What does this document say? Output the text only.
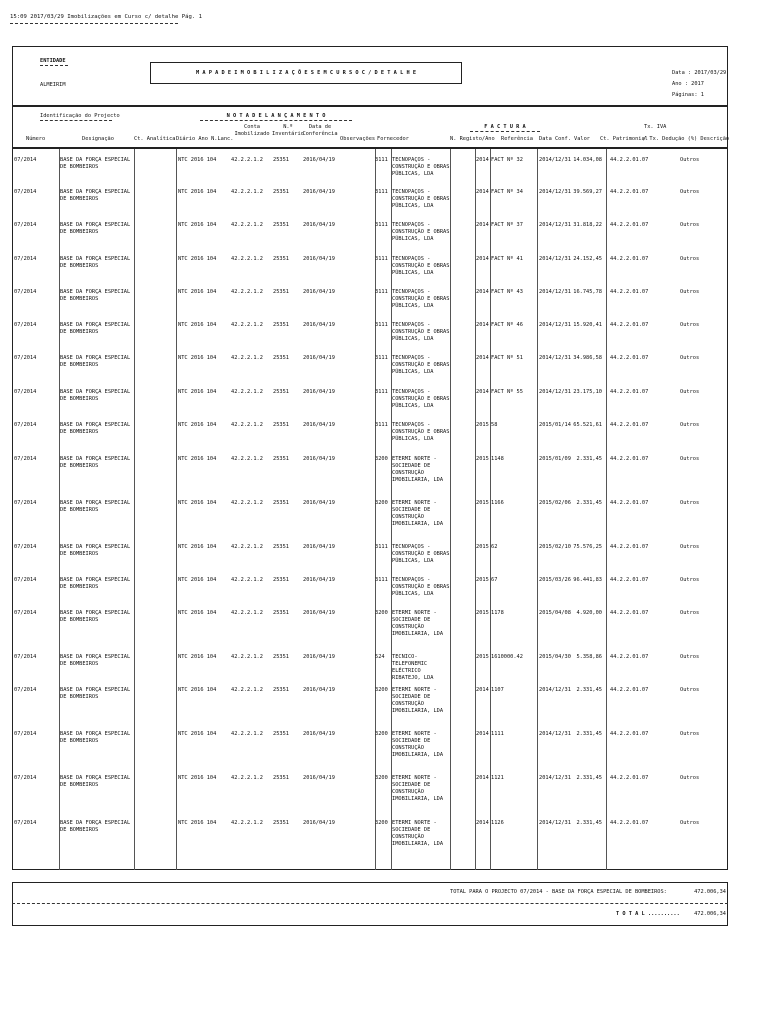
15:09 2017/03/29 Imobilizações em Curso c/ detalhe Pág. 1
ENTIDADE
ALMEIRIM
M A P A D E I M O B I L I Z A Ç Õ E S E M C U R S O C / D E T A L H E	Data : 2017/03/29
Ano : 2017
Páginas: 1
Identificação do Projecto
Número	Designação	Ct. Analítica
N O T A D E L A N Ç A M E N T O
Diário Ano N.Lanc.
Conta
Imobilizado
N.º
Inventário
Data de
Conferência
Observações Fornecedor
F A C T U R A
N. Registo/Ano Referência Data Conf. Valor Ct. Patrimonial
Tx. IVA
/ Tx. Dedução (%) Descrição
07/2014	BASE DA FORÇA ESPECIAL DE BOMBEIROS
NTC 2016 104	42.2.2.1.2	25351	2016/04/19	3111 TECNOPAÇOS - CONSTRUÇÃO E OBRAS PÚBLICAS, LDA
2014 FACT Nº 32	2014/12/31 14.034,08 44.2.2.01.07	Outros
07/2014	BASE DA FORÇA ESPECIAL DE BOMBEIROS
NTC 2016 104	42.2.2.1.2	25351	2016/04/19	3111 TECNOPAÇOS - CONSTRUÇÃO E OBRAS PÚBLICAS, LDA
2014 FACT Nº 34	2014/12/31 39.569,27 44.2.2.01.07	Outros
07/2014	BASE DA FORÇA ESPECIAL DE BOMBEIROS
NTC 2016 104	42.2.2.1.2	25351	2016/04/19	3111 TECNOPAÇOS - CONSTRUÇÃO E OBRAS PÚBLICAS, LDA
2014 FACT Nº 37	2014/12/31 31.818,22 44.2.2.01.07	Outros
07/2014	BASE DA FORÇA ESPECIAL DE BOMBEIROS
NTC 2016 104	42.2.2.1.2	25351	2016/04/19	3111 TECNOPAÇOS - CONSTRUÇÃO E OBRAS PÚBLICAS, LDA
2014 FACT Nº 41	2014/12/31 24.152,45 44.2.2.01.07	Outros
07/2014	BASE DA FORÇA ESPECIAL DE BOMBEIROS
NTC 2016 104	42.2.2.1.2	25351	2016/04/19	3111 TECNOPAÇOS - CONSTRUÇÃO E OBRAS PÚBLICAS, LDA
2014 FACT Nº 43	2014/12/31 16.745,78 44.2.2.01.07	Outros
07/2014	BASE DA FORÇA ESPECIAL DE BOMBEIROS
NTC 2016 104	42.2.2.1.2	25351	2016/04/19	3111 TECNOPAÇOS - CONSTRUÇÃO E OBRAS PÚBLICAS, LDA
2014 FACT Nº 46	2014/12/31 15.920,41 44.2.2.01.07	Outros
07/2014	BASE DA FORÇA ESPECIAL DE BOMBEIROS
NTC 2016 104	42.2.2.1.2	25351	2016/04/19	3111 TECNOPAÇOS - CONSTRUÇÃO E OBRAS PÚBLICAS, LDA
2014 FACT Nº 51	2014/12/31 34.986,58 44.2.2.01.07	Outros
07/2014	BASE DA FORÇA ESPECIAL DE BOMBEIROS
NTC 2016 104	42.2.2.1.2	25351	2016/04/19	3111 TECNOPAÇOS - CONSTRUÇÃO E OBRAS PÚBLICAS, LDA
2014 FACT Nº 55	2014/12/31 23.175,10 44.2.2.01.07	Outros
07/2014	BASE DA FORÇA ESPECIAL DE BOMBEIROS
NTC 2016 104	42.2.2.1.2	25351	2016/04/19	3111 TECNOPAÇOS - CONSTRUÇÃO E OBRAS PÚBLICAS, LDA
2015 58	2015/01/14 65.521,61 44.2.2.01.07	Outros
07/2014	BASE DA FORÇA ESPECIAL DE BOMBEIROS
NTC 2016 104	42.2.2.1.2	25351	2016/04/19	3200 ETERMI NORTE - SOCIEDADE DE CONSTRUÇÃO IMOBILIARIA, LDA
2015 1148	2015/01/09	2.331,45 44.2.2.01.07	Outros
07/2014	BASE DA FORÇA ESPECIAL DE BOMBEIROS
NTC 2016 104	42.2.2.1.2	25351	2016/04/19	3200 ETERMI NORTE - SOCIEDADE DE CONSTRUÇÃO IMOBILIARIA, LDA
2015 1166	2015/02/06	2.331,45 44.2.2.01.07	Outros
07/2014	BASE DA FORÇA ESPECIAL DE BOMBEIROS
NTC 2016 104	42.2.2.1.2	25351	2016/04/19	3111 TECNOPAÇOS - CONSTRUÇÃO E OBRAS PÚBLICAS, LDA
2015 62	2015/02/10 75.576,25 44.2.2.01.07	Outros
07/2014	BASE DA FORÇA ESPECIAL DE BOMBEIROS
NTC 2016 104	42.2.2.1.2	25351	2016/04/19	3111 TECNOPAÇOS - CONSTRUÇÃO E OBRAS PÚBLICAS, LDA
2015 67	2015/03/26 96.441,83 44.2.2.01.07	Outros
07/2014	BASE DA FORÇA ESPECIAL DE BOMBEIROS
NTC 2016 104	42.2.2.1.2	25351	2016/04/19	3200 ETERMI NORTE - SOCIEDADE DE CONSTRUÇÃO IMOBILIARIA, LDA
2015 1178	2015/04/08	4.920,00 44.2.2.01.07	Outros
07/2014	BASE DA FORÇA ESPECIAL DE BOMBEIROS
NTC 2016 104	42.2.2.1.2	25351	2016/04/19	524	TECNICO-TELEFONEMIC ELÉCTRICO RIBATEJO, LDA
2015 1610000.42	2015/04/30	5.358,86 44.2.2.01.07	Outros
07/2014	BASE DA FORÇA ESPECIAL DE BOMBEIROS
NTC 2016 104	42.2.2.1.2	25351	2016/04/19	3200 ETERMI NORTE - SOCIEDADE DE CONSTRUÇÃO IMOBILIARIA, LDA
2014 1107	2014/12/31	2.331,45 44.2.2.01.07	Outros
07/2014	BASE DA FORÇA ESPECIAL DE BOMBEIROS
NTC 2016 104	42.2.2.1.2	25351	2016/04/19	3200 ETERMI NORTE - SOCIEDADE DE CONSTRUÇÃO IMOBILIARIA, LDA
2014 1111	2014/12/31	2.331,45 44.2.2.01.07	Outros
07/2014	BASE DA FORÇA ESPECIAL DE BOMBEIROS
NTC 2016 104	42.2.2.1.2	25351	2016/04/19	3200 ETERMI NORTE - SOCIEDADE DE CONSTRUÇÃO IMOBILIARIA, LDA
2014 1121	2014/12/31	2.331,45 44.2.2.01.07	Outros
07/2014	BASE DA FORÇA ESPECIAL DE BOMBEIROS
NTC 2016 104	42.2.2.1.2	25351	2016/04/19	3200 ETERMI NORTE - SOCIEDADE DE CONSTRUÇÃO IMOBILIARIA, LDA
2014 1126	2014/12/31	2.331,45 44.2.2.01.07	Outros
TOTAL PARA O PROJECTO 07/2014 - BASE DA FORÇA ESPECIAL DE BOMBEIROS:	472.006,34
T O T A L ..........	472.006,34
